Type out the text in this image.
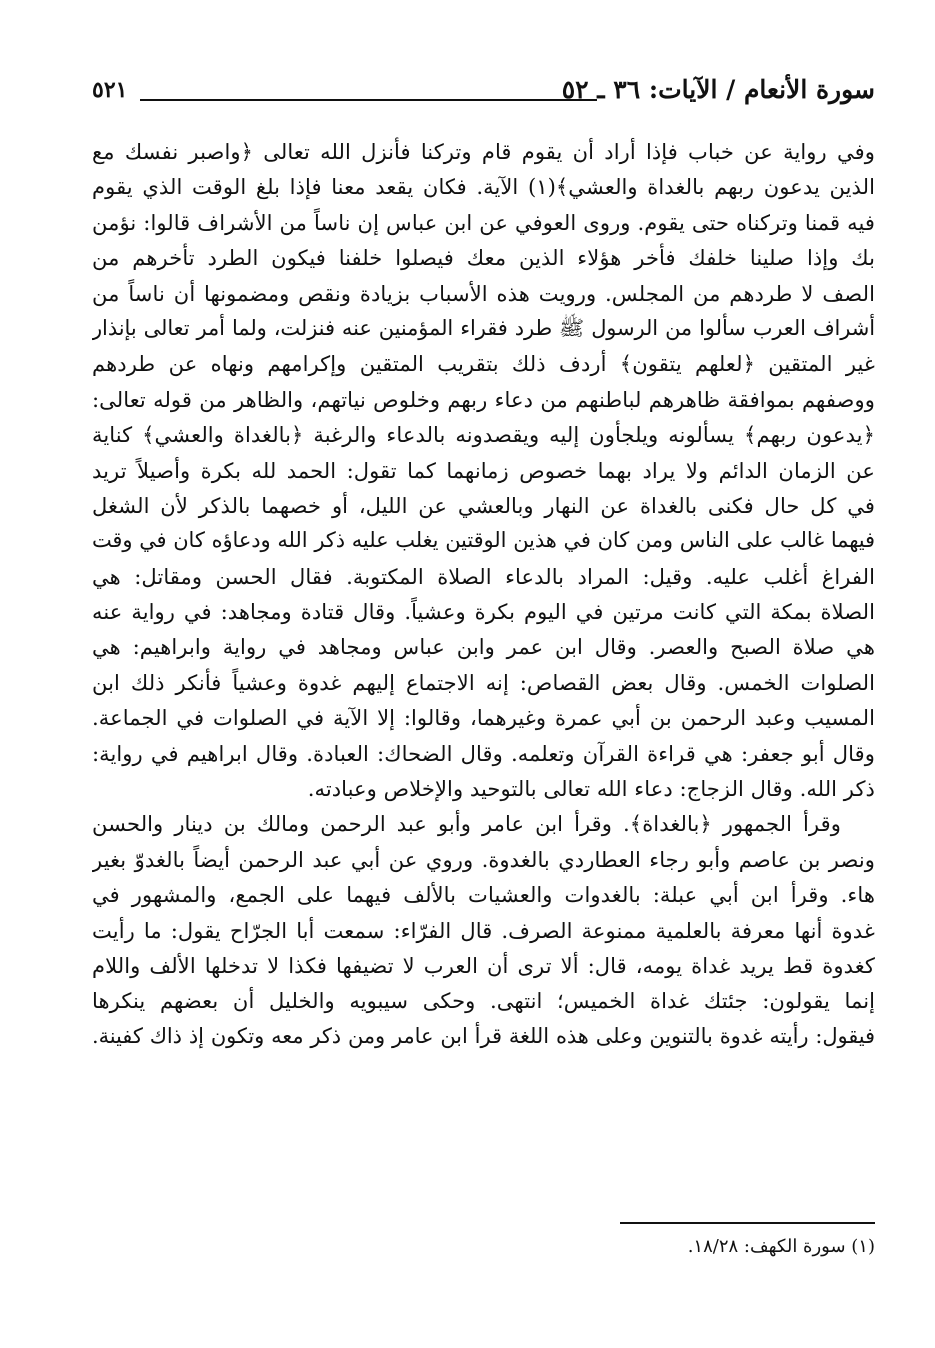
سورة الأنعام / الآيات: ٣٦ ـ ٥٢
٥٢١
وفي رواية عن خباب فإذا أراد أن يقوم قام وتركنا فأنزل الله تعالى ﴿واصبر نفسك مع
الذين يدعون ربهم بالغداة والعشي﴾(١) الآية. فكان يقعد معنا فإذا بلغ الوقت الذي يقوم
فيه قمنا وتركناه حتى يقوم. وروى العوفي عن ابن عباس إن ناساً من الأشراف قالوا: نؤمن
بك وإذا صلينا خلفك فأخر هؤلاء الذين معك فيصلوا خلفنا فيكون الطرد تأخرهم من
الصف لا طردهم من المجلس. ورويت هذه الأسباب بزيادة ونقص ومضمونها أن ناساً من
أشراف العرب سألوا من الرسول ﷺ طرد فقراء المؤمنين عنه فنزلت، ولما أمر تعالى بإنذار
غير المتقين ﴿لعلهم يتقون﴾ أردف ذلك بتقريب المتقين وإكرامهم ونهاه عن طردهم
ووصفهم بموافقة ظاهرهم لباطنهم من دعاء ربهم وخلوص نياتهم، والظاهر من قوله تعالى:
﴿يدعون ربهم﴾ يسألونه ويلجأون إليه ويقصدونه بالدعاء والرغبة ﴿بالغداة والعشي﴾ كناية
عن الزمان الدائم ولا يراد بهما خصوص زمانهما كما تقول: الحمد لله بكرة وأصيلاً تريد
في كل حال فكنى بالغداة عن النهار وبالعشي عن الليل، أو خصهما بالذكر لأن الشغل
فيهما غالب على الناس ومن كان في هذين الوقتين يغلب عليه ذكر الله ودعاؤه كان في وقت
الفراغ أغلب عليه. وقيل: المراد بالدعاء الصلاة المكتوبة. فقال الحسن ومقاتل: هي
الصلاة بمكة التي كانت مرتين في اليوم بكرة وعشياً. وقال قتادة ومجاهد: في رواية عنه
هي صلاة الصبح والعصر. وقال ابن عمر وابن عباس ومجاهد في رواية وابراهيم: هي
الصلوات الخمس. وقال بعض القصاص: إنه الاجتماع إليهم غدوة وعشياً فأنكر ذلك ابن
المسيب وعبد الرحمن بن أبي عمرة وغيرهما، وقالوا: إلا الآية في الصلوات في الجماعة.
وقال أبو جعفر: هي قراءة القرآن وتعلمه. وقال الضحاك: العبادة. وقال ابراهيم في رواية:
ذكر الله. وقال الزجاج: دعاء الله تعالى بالتوحيد والإخلاص وعبادته.
وقرأ الجمهور ﴿بالغداة﴾. وقرأ ابن عامر وأبو عبد الرحمن ومالك بن دينار والحسن
ونصر بن عاصم وأبو رجاء العطاردي بالغدوة. وروي عن أبي عبد الرحمن أيضاً بالغدوّ بغير
هاء. وقرأ ابن أبي عبلة: بالغدوات والعشيات بالألف فيهما على الجمع، والمشهور في
غدوة أنها معرفة بالعلمية ممنوعة الصرف. قال الفرّاء: سمعت أبا الجرّاح يقول: ما رأيت
كغدوة قط يريد غداة يومه، قال: ألا ترى أن العرب لا تضيفها فكذا لا تدخلها الألف واللام
إنما يقولون: جئتك غداة الخميس؛ انتهى. وحكى سيبويه والخليل أن بعضهم ينكرها
فيقول: رأيته غدوة بالتنوين وعلى هذه اللغة قرأ ابن عامر ومن ذكر معه وتكون إذ ذاك كفينة.
(١) سورة الكهف: ١٨/٢٨.
